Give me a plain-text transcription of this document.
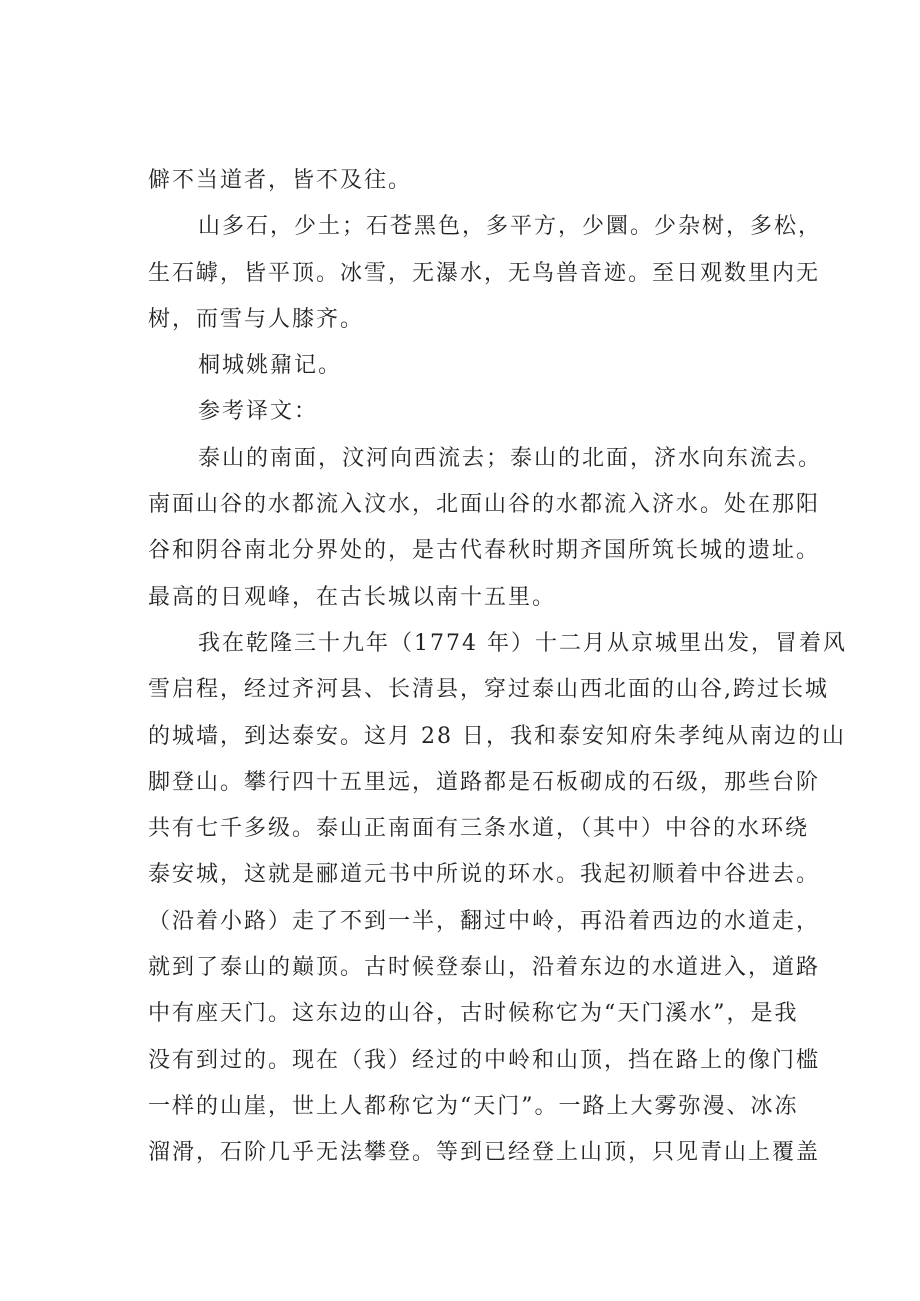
僻不当道者，皆不及往。
山多石，少土；石苍黑色，多平方，少圜。少杂树，多松，
生石罅，皆平顶。冰雪，无瀑水，无鸟兽音迹。至日观数里内无
树，而雪与人膝齐。
桐城姚鼐记。
参考译文：
泰山的南面，汶河向西流去；泰山的北面，济水向东流去。
南面山谷的水都流入汶水，北面山谷的水都流入济水。处在那阳
谷和阴谷南北分界处的，是古代春秋时期齐国所筑长城的遗址。
最高的日观峰，在古长城以南十五里。
我在乾隆三十九年（1774 年）十二月从京城里出发，冒着风
雪启程，经过齐河县、长清县，穿过泰山西北面的山谷,跨过长城
的城墙，到达泰安。这月 28 日，我和泰安知府朱孝纯从南边的山
脚登山。攀行四十五里远，道路都是石板砌成的石级，那些台阶
共有七千多级。泰山正南面有三条水道，（其中）中谷的水环绕
泰安城，这就是郦道元书中所说的环水。我起初顺着中谷进去。
（沿着小路）走了不到一半，翻过中岭，再沿着西边的水道走，
就到了泰山的巅顶。古时候登泰山，沿着东边的水道进入，道路
中有座天门。这东边的山谷，古时候称它为“天门溪水”，是我
没有到过的。现在（我）经过的中岭和山顶，挡在路上的像门槛
一样的山崖，世上人都称它为“天门”。一路上大雾弥漫、冰冻
溜滑，石阶几乎无法攀登。等到已经登上山顶，只见青山上覆盖
